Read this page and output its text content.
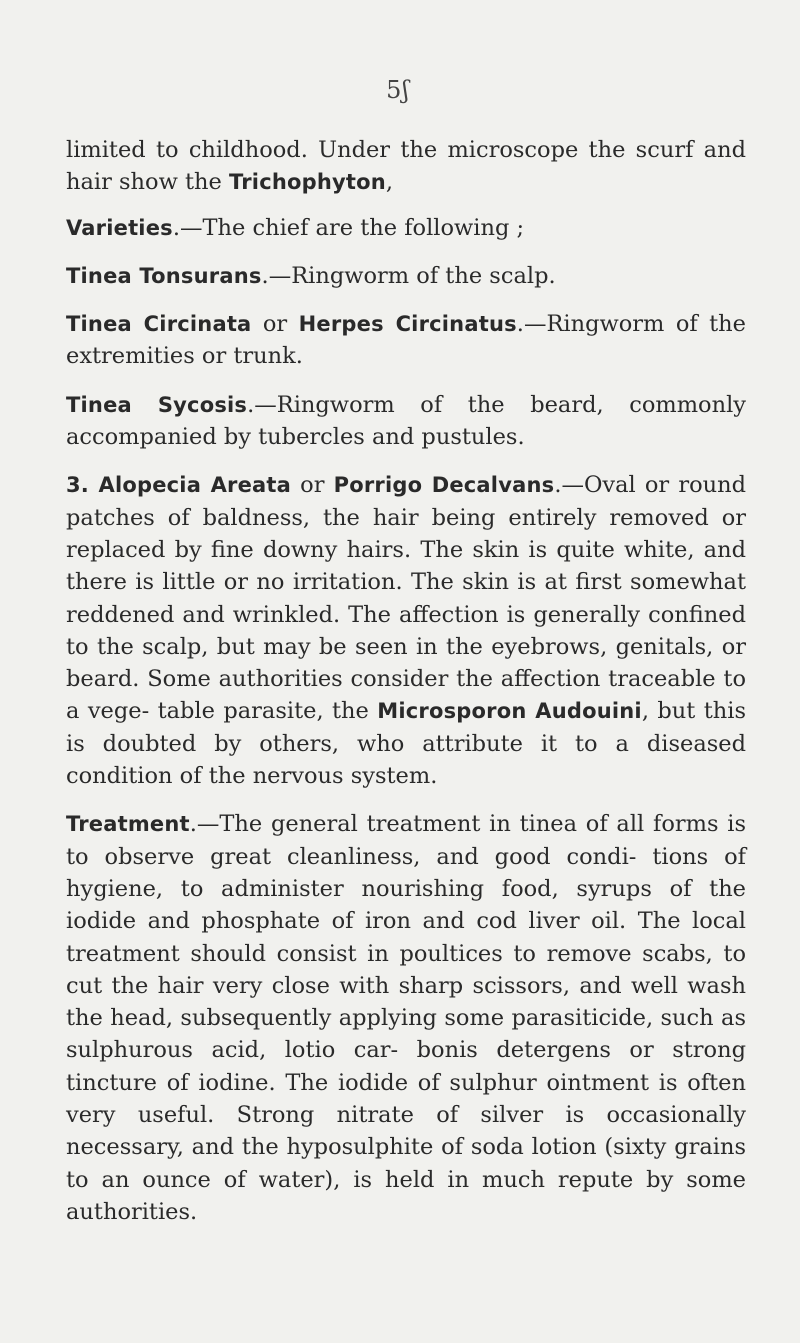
5ʃ

limited to childhood. Under the microscope the scurf and hair show the Trichophyton,

Varieties.—The chief are the following ;

Tinea Tonsurans.—Ringworm of the scalp.

Tinea Circinata or Herpes Circinatus.—Ringworm of the extremities or trunk.

Tinea Sycosis.—Ringworm of the beard, commonly accompanied by tubercles and pustules.

3. Alopecia Areata or Porrigo Decalvans.—Oval or round patches of baldness, the hair being entirely removed or replaced by fine downy hairs. The skin is quite white, and there is little or no irritation. The skin is at first somewhat reddened and wrinkled. The affection is generally confined to the scalp, but may be seen in the eyebrows, genitals, or beard. Some authorities consider the affection traceable to a vege- table parasite, the Microsporon Audouini, but this is doubted by others, who attribute it to a diseased condition of the nervous system.

Treatment.—The general treatment in tinea of all forms is to observe great cleanliness, and good condi- tions of hygiene, to administer nourishing food, syrups of the iodide and phosphate of iron and cod liver oil. The local treatment should consist in poultices to remove scabs, to cut the hair very close with sharp scissors, and well wash the head, subsequently applying some parasiticide, such as sulphurous acid, lotio car- bonis detergens or strong tincture of iodine. The iodide of sulphur ointment is often very useful. Strong nitrate of silver is occasionally necessary, and the hyposulphite of soda lotion (sixty grains to an ounce of water), is held in much repute by some authorities.
